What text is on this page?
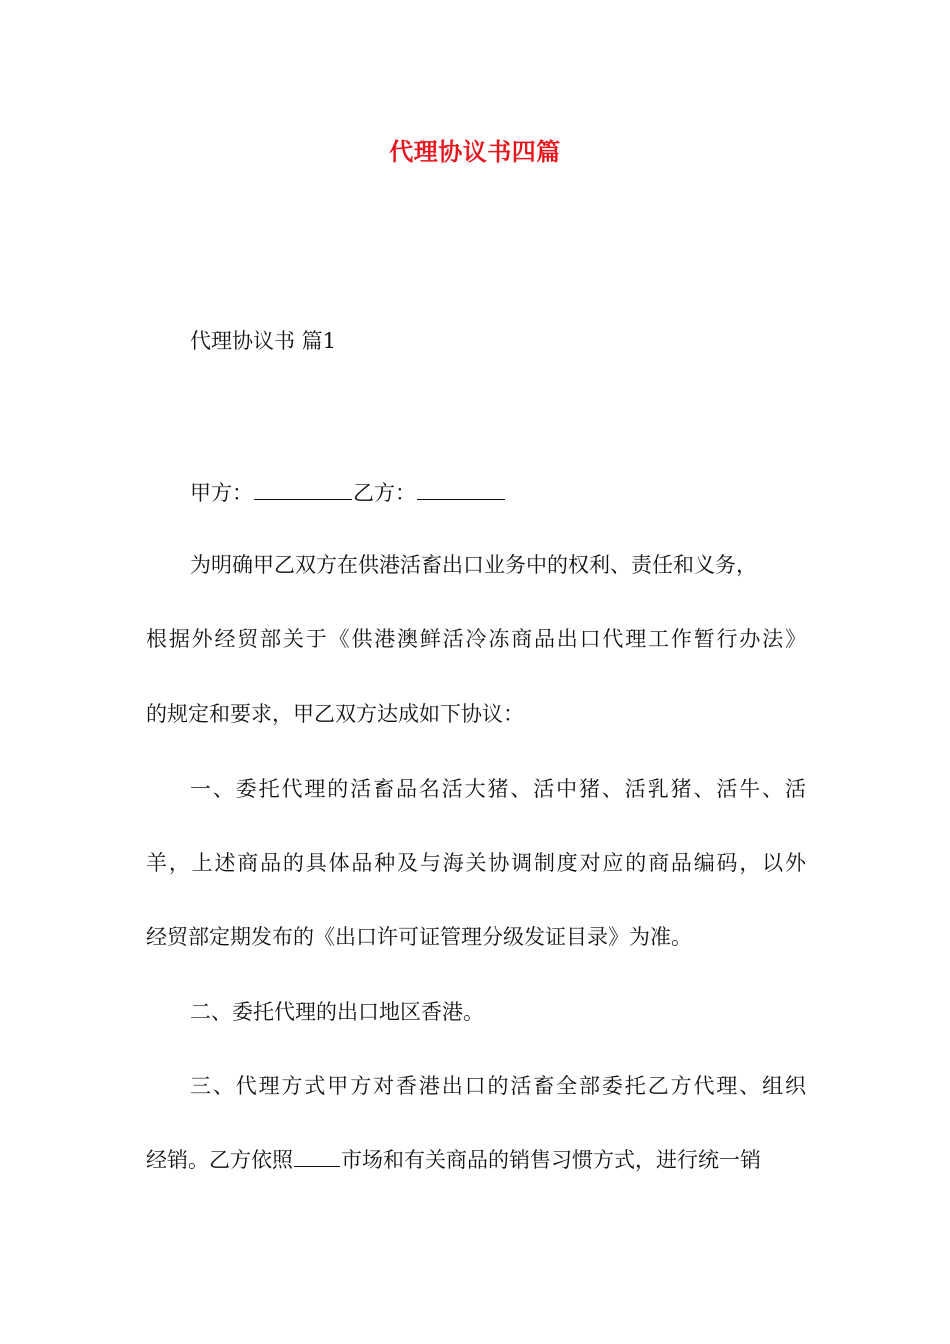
代理协议书四篇
代理协议书 篇1
甲方：	乙方：
为明确甲乙双方在供港活畜出口业务中的权利、责任和义务，
根据外经贸部关于《供港澳鲜活冷冻商品出口代理工作暂行办法》
的规定和要求，甲乙双方达成如下协议：
一、委托代理的活畜品名活大猪、活中猪、活乳猪、活牛、活
羊，上述商品的具体品种及与海关协调制度对应的商品编码，以外
经贸部定期发布的《出口许可证管理分级发证目录》为准。
二、委托代理的出口地区香港。
三、代理方式甲方对香港出口的活畜全部委托乙方代理、组织
经销。乙方依照 市场和有关商品的销售习惯方式，进行统一销
